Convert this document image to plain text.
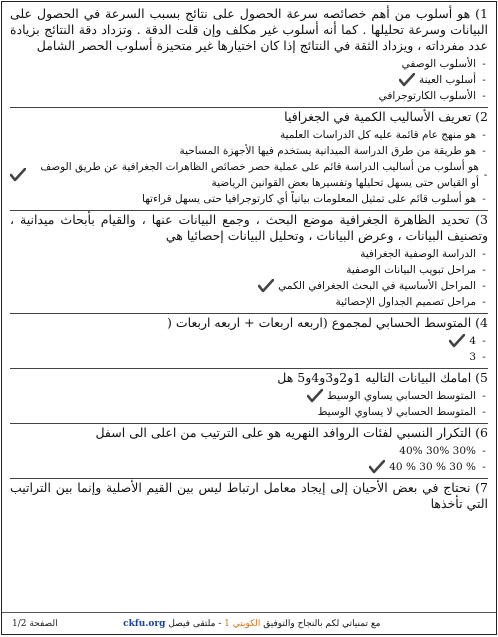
1) هو أسلوب من أهم خصائصه سرعة الحصول على نتائج بسبب السرعة في الحصول على البيانات وسرعة تحليلها . كما أنه أسلوب غير مكلف وإن قلت الدقة . وتزداد دقة النتائج بزيادة عدد مفرداته ، ويزداد الثقة في النتائج إذا كان اختيارها غير متحيزة أسلوب الحصر الشامل

-
الأسلوب الوصفي
-
أسلوب العينة
-
الأسلوب الكارتوجرافي

2) تعريف الأساليب الكمية في الجغرافيا

-
هو منهج عام قائمة عليه كل الدراسات العلمية
-
هو طريقة من طرق الدراسة الميدانية يستخدم فيها الأجهزة المساحية
-
هو أسلوب من أساليب الدراسة قائم على عملية حصر خصائص الظاهرات الجغرافية عن طريق الوصف أو القياس حتى يسهل تحليلها وتفسيرها بعض القوانين الرياضية
-
هو أسلوب قائم على تمثيل المعلومات بيانياً أي كارتوجرافيا حتى يسهل قراءتها

3) تحديد الظاهرة الجغرافية موضع البحث ، وجمع البيانات عنها ، والقيام بأبحاث ميدانية ، وتصنيف البيانات ، وعرض البيانات ، وتحليل البيانات إحصائيا هي

-
الدراسة الوصفية الجغرافية
-
مراحل تبويب البيانات الوصفية
-
المراحل الأساسية في البحث الجغرافي الكمي
-
مراحل تصميم الجداول الإحصائية

4) المتوسط الحسابي لمجموع (اربعه اربعات + اربعه اربعات (

-
4
-
3

5) امامك البيانات التاليه 1و2و3و4و5 هل

-
المتوسط الحسابي يساوي الوسيط
-
المتوسط الحسابي لا يساوي الوسيط

6) التكرار النسبي لفئات الروافد النهريه هو على الترتيب من اعلى الى اسفل

-
30% 30% 40%
-
% 30 % 30 % 40

7) نحتاج في بعض الأحيان إلى إيجاد معامل ارتباط ليس بين القيم الأصلية وإنما بين التراتيب التي تأخذها

الصفحة 1/2	مع تمنياتي لكم بالنجاح والتوفيق الكويتي 1 - ملتقى فيصل ckfu.org
